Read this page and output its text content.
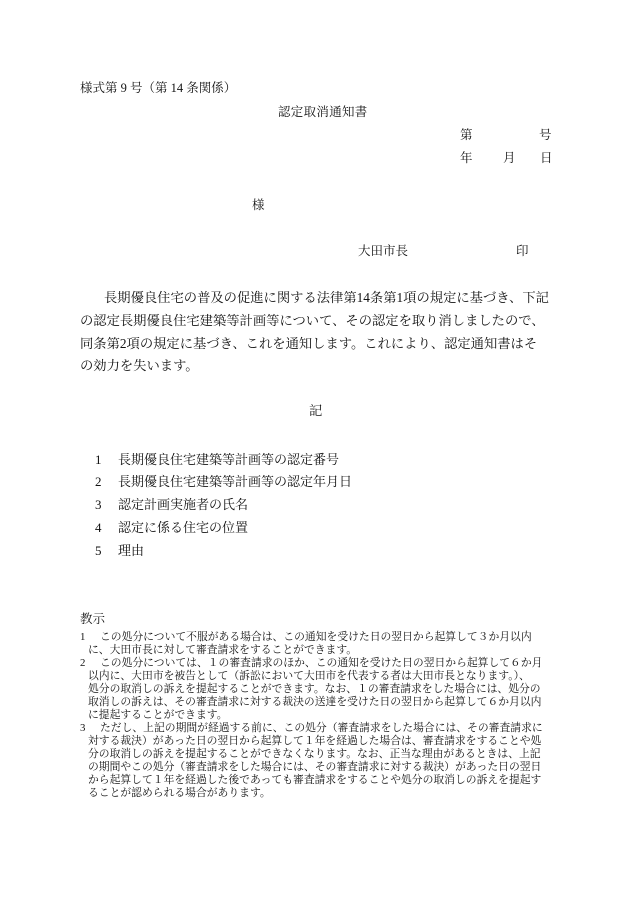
様式第 9 号（第 14 条関係）
認定取消通知書
第	号
年 月 日
様
大田市長	印
長期優良住宅の普及の促進に関する法律第14条第1項の規定に基づき、下記
の認定長期優良住宅建築等計画等について、その認定を取り消しましたので、
同条第2項の規定に基づき、これを通知します。これにより、認定通知書はそ
の効力を失います。
記
1 長期優良住宅建築等計画等の認定番号
2 長期優良住宅建築等計画等の認定年月日
3 認定計画実施者の氏名
4 認定に係る住宅の位置
5 理由
教示
1 この処分について不服がある場合は、この通知を受けた日の翌日から起算して３か月以内
に、大田市長に対して審査請求をすることができます。
2 この処分については、１の審査請求のほか、この通知を受けた日の翌日から起算して６か月
以内に、大田市を被告として（訴訟において大田市を代表する者は大田市長となります。）、
処分の取消しの訴えを提起することができます。なお、１の審査請求をした場合には、処分の
取消しの訴えは、その審査請求に対する裁決の送達を受けた日の翌日から起算して６か月以内
に提起することができます。
3 ただし、上記の期間が経過する前に、この処分（審査請求をした場合には、その審査請求に
対する裁決）があった日の翌日から起算して１年を経過した場合は、審査請求をすることや処
分の取消しの訴えを提起することができなくなります。なお、正当な理由があるときは、上記
の期間やこの処分（審査請求をした場合には、その審査請求に対する裁決）があった日の翌日
から起算して１年を経過した後であっても審査請求をすることや処分の取消しの訴えを提起す
ることが認められる場合があります。
